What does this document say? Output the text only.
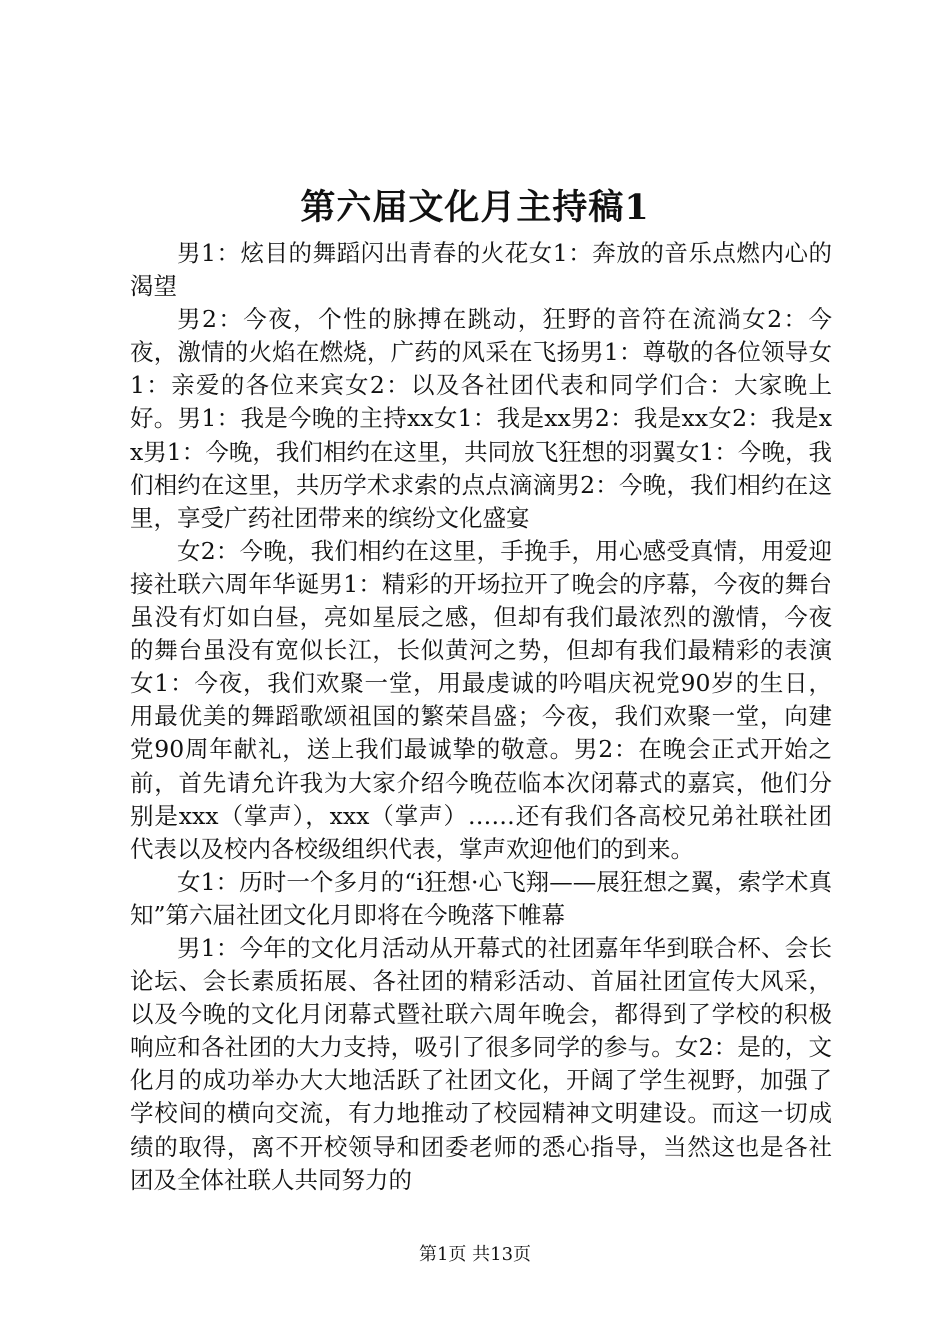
第六届文化月主持稿1

男1：炫目的舞蹈闪出青春的火花女1：奔放的音乐点燃内心的渴望

男2：今夜，个性的脉搏在跳动，狂野的音符在流淌女2：今夜，激情的火焰在燃烧，广药的风采在飞扬男1：尊敬的各位领导女1：亲爱的各位来宾女2：以及各社团代表和同学们合：大家晚上好。男1：我是今晚的主持xx女1：我是xx男2：我是xx女2：我是xx男1：今晚，我们相约在这里，共同放飞狂想的羽翼女1：今晚，我们相约在这里，共历学术求索的点点滴滴男2：今晚，我们相约在这里，享受广药社团带来的缤纷文化盛宴

女2：今晚，我们相约在这里，手挽手，用心感受真情，用爱迎接社联六周年华诞男1：精彩的开场拉开了晚会的序幕，今夜的舞台虽没有灯如白昼，亮如星辰之感，但却有我们最浓烈的激情，今夜的舞台虽没有宽似长江，长似黄河之势，但却有我们最精彩的表演女1：今夜，我们欢聚一堂，用最虔诚的吟唱庆祝党90岁的生日，用最优美的舞蹈歌颂祖国的繁荣昌盛；今夜，我们欢聚一堂，向建党90周年献礼，送上我们最诚挚的敬意。男2：在晚会正式开始之前，首先请允许我为大家介绍今晚莅临本次闭幕式的嘉宾，他们分别是xxx（掌声），xxx（掌声）……还有我们各高校兄弟社联社团代表以及校内各校级组织代表，掌声欢迎他们的到来。

女1：历时一个多月的“i狂想·心飞翔——展狂想之翼，索学术真知”第六届社团文化月即将在今晚落下帷幕

男1：今年的文化月活动从开幕式的社团嘉年华到联合杯、会长论坛、会长素质拓展、各社团的精彩活动、首届社团宣传大风采，以及今晚的文化月闭幕式暨社联六周年晚会，都得到了学校的积极响应和各社团的大力支持，吸引了很多同学的参与。女2：是的，文化月的成功举办大大地活跃了社团文化，开阔了学生视野，加强了学校间的横向交流，有力地推动了校园精神文明建设。而这一切成绩的取得，离不开校领导和团委老师的悉心指导，当然这也是各社团及全体社联人共同努力的

第1页 共13页
